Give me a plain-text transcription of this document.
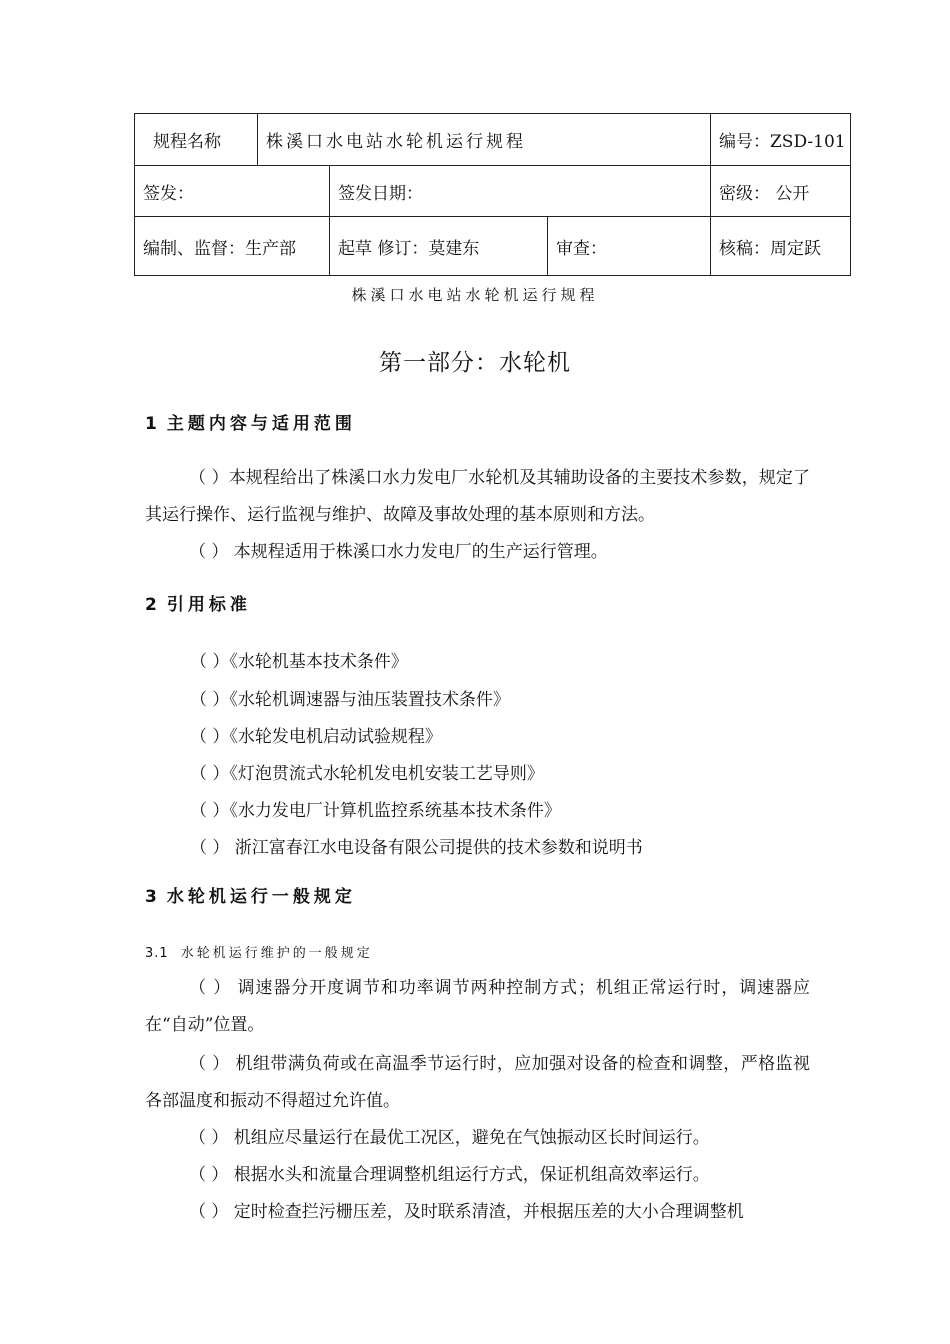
规程名称	株溪口水电站水轮机运行规程			编号：ZSD-101
签发：		签发日期：		密级： 公开
编制、监督：生产部		起草 修订：莫建东	审查：	核稿：周定跃
株溪口水电站水轮机运行规程
第一部分：水轮机
1 主题内容与适用范围
（ ）本规程给出了株溪口水力发电厂水轮机及其辅助设备的主要技术参数，规定了其运行操作、运行监视与维护、故障及事故处理的基本原则和方法。
（ ） 本规程适用于株溪口水力发电厂的生产运行管理。
2 引用标准
（ ）《水轮机基本技术条件》
（ ）《水轮机调速器与油压装置技术条件》
（ ）《水轮发电机启动试验规程》
（ ）《灯泡贯流式水轮机发电机安装工艺导则》
（ ）《水力发电厂计算机监控系统基本技术条件》
（ ） 浙江富春江水电设备有限公司提供的技术参数和说明书
3 水轮机运行一般规定
3.1 水轮机运行维护的一般规定
（ ） 调速器分开度调节和功率调节两种控制方式；机组正常运行时，调速器应在“自动”位置。
（ ） 机组带满负荷或在高温季节运行时，应加强对设备的检查和调整，严格监视各部温度和振动不得超过允许值。
（ ） 机组应尽量运行在最优工况区，避免在气蚀振动区长时间运行。
（ ） 根据水头和流量合理调整机组运行方式，保证机组高效率运行。
（ ） 定时检查拦污栅压差，及时联系清渣，并根据压差的大小合理调整机
